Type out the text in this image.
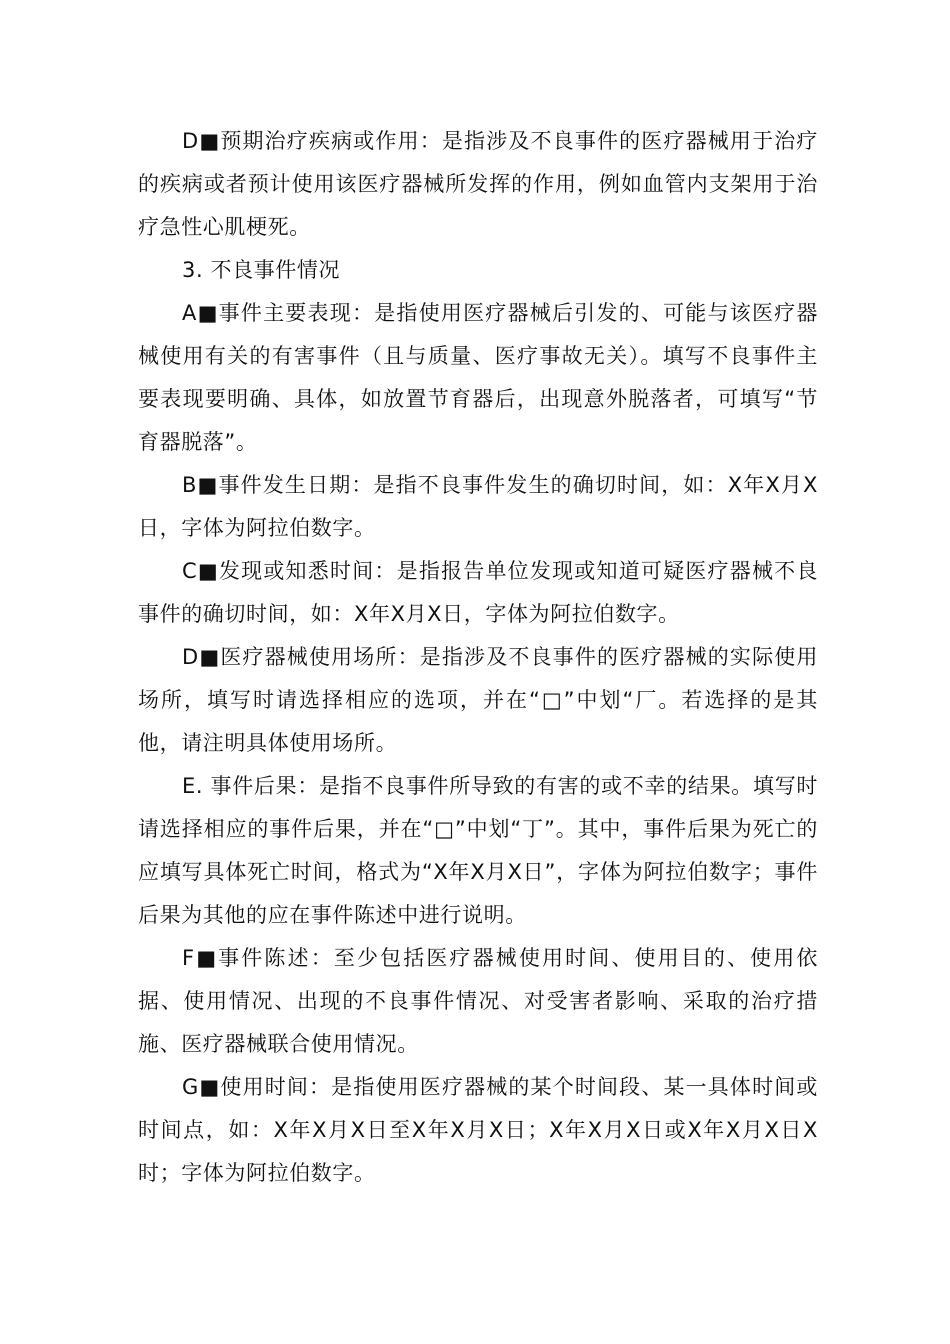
D■预期治疗疾病或作用：是指涉及不良事件的医疗器械用于治疗的疾病或者预计使用该医疗器械所发挥的作用，例如血管内支架用于治疗急性心肌梗死。

3. 不良事件情况

A■事件主要表现：是指使用医疗器械后引发的、可能与该医疗器械使用有关的有害事件（且与质量、医疗事故无关）。填写不良事件主要表现要明确、具体，如放置节育器后，出现意外脱落者，可填写“节育器脱落”。

B■事件发生日期：是指不良事件发生的确切时间，如：X年X月X日，字体为阿拉伯数字。

C■发现或知悉时间：是指报告单位发现或知道可疑医疗器械不良事件的确切时间，如：X年X月X日，字体为阿拉伯数字。

D■医疗器械使用场所：是指涉及不良事件的医疗器械的实际使用场所，填写时请选择相应的选项，并在“□”中划“厂。若选择的是其他，请注明具体使用场所。

E. 事件后果：是指不良事件所导致的有害的或不幸的结果。填写时请选择相应的事件后果，并在“□”中划“丁”。其中，事件后果为死亡的应填写具体死亡时间，格式为“X年X月X日”，字体为阿拉伯数字；事件后果为其他的应在事件陈述中进行说明。

F■事件陈述：至少包括医疗器械使用时间、使用目的、使用依据、使用情况、出现的不良事件情况、对受害者影响、采取的治疗措施、医疗器械联合使用情况。

G■使用时间：是指使用医疗器械的某个时间段、某一具体时间或时间点，如：X年X月X日至X年X月X日；X年X月X日或X年X月X日X时；字体为阿拉伯数字。
